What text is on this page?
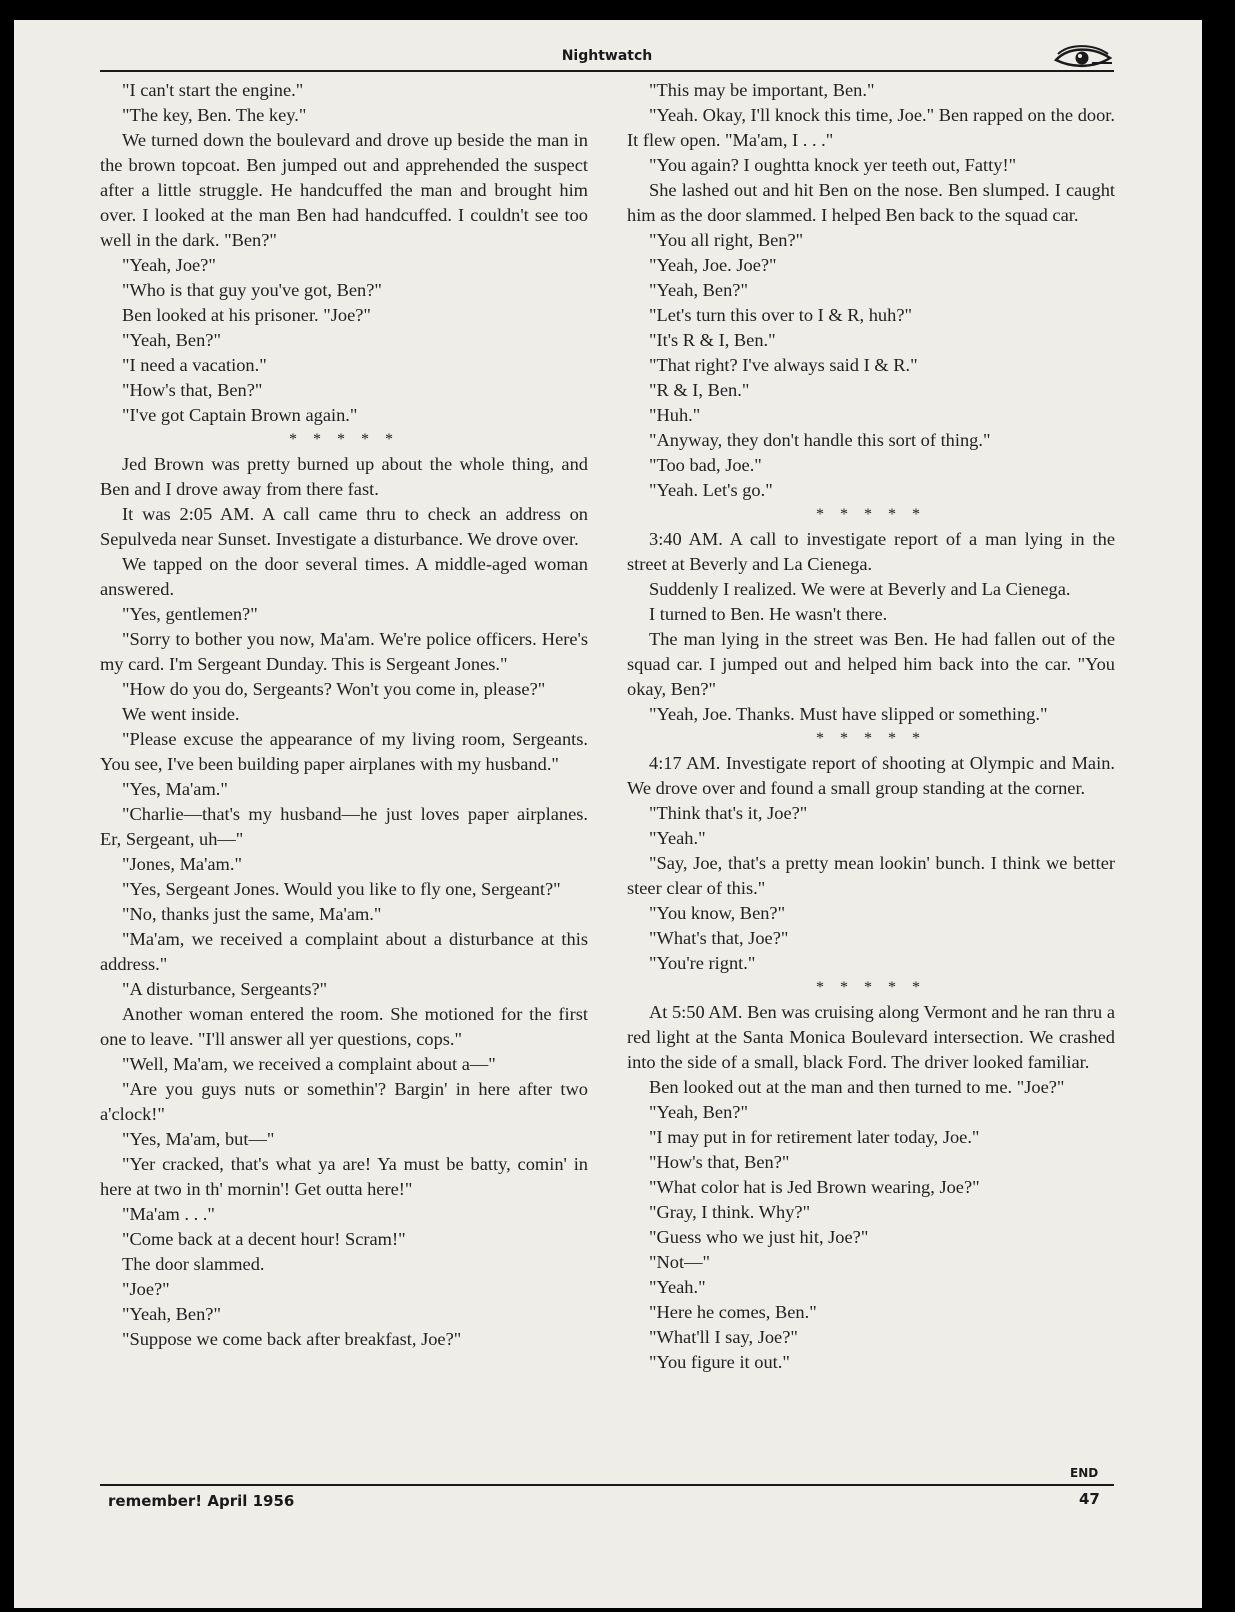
Nightwatch

"I can't start the engine."

"The key, Ben. The key."

We turned down the boulevard and drove up beside the man in the brown topcoat. Ben jumped out and apprehended the suspect after a little struggle. He handcuffed the man and brought him over. I looked at the man Ben had handcuffed. I couldn't see too well in the dark. "Ben?"

"Yeah, Joe?"

"Who is that guy you've got, Ben?"

Ben looked at his prisoner. "Joe?"

"Yeah, Ben?"

"I need a vacation."

"How's that, Ben?"

"I've got Captain Brown again."

* * * * *

Jed Brown was pretty burned up about the whole thing, and Ben and I drove away from there fast.

It was 2:05 AM. A call came thru to check an address on Sepulveda near Sunset. Investigate a disturbance. We drove over.

We tapped on the door several times. A middle-aged woman answered.

"Yes, gentlemen?"

"Sorry to bother you now, Ma'am. We're police officers. Here's my card. I'm Sergeant Dunday. This is Sergeant Jones."

"How do you do, Sergeants? Won't you come in, please?"

We went inside.

"Please excuse the appearance of my living room, Sergeants. You see, I've been building paper airplanes with my husband."

"Yes, Ma'am."

"Charlie—that's my husband—he just loves paper airplanes. Er, Sergeant, uh—"

"Jones, Ma'am."

"Yes, Sergeant Jones. Would you like to fly one, Sergeant?"

"No, thanks just the same, Ma'am."

"Ma'am, we received a complaint about a disturbance at this address."

"A disturbance, Sergeants?"

Another woman entered the room. She motioned for the first one to leave. "I'll answer all yer questions, cops."

"Well, Ma'am, we received a complaint about a—"

"Are you guys nuts or somethin'? Bargin' in here after two a'clock!"

"Yes, Ma'am, but—"

"Yer cracked, that's what ya are! Ya must be batty, comin' in here at two in th' mornin'! Get outta here!"

"Ma'am . . ."

"Come back at a decent hour! Scram!"

The door slammed.

"Joe?"

"Yeah, Ben?"

"Suppose we come back after breakfast, Joe?"

"This may be important, Ben."

"Yeah. Okay, I'll knock this time, Joe." Ben rapped on the door. It flew open. "Ma'am, I . . ."

"You again? I oughtta knock yer teeth out, Fatty!"

She lashed out and hit Ben on the nose. Ben slumped. I caught him as the door slammed. I helped Ben back to the squad car.

"You all right, Ben?"

"Yeah, Joe. Joe?"

"Yeah, Ben?"

"Let's turn this over to I & R, huh?"

"It's R & I, Ben."

"That right? I've always said I & R."

"R & I, Ben."

"Huh."

"Anyway, they don't handle this sort of thing."

"Too bad, Joe."

"Yeah. Let's go."

* * * * *

3:40 AM. A call to investigate report of a man lying in the street at Beverly and La Cienega.

Suddenly I realized. We were at Beverly and La Cienega.

I turned to Ben. He wasn't there.

The man lying in the street was Ben. He had fallen out of the squad car. I jumped out and helped him back into the car. "You okay, Ben?"

"Yeah, Joe. Thanks. Must have slipped or something."

* * * * *

4:17 AM. Investigate report of shooting at Olympic and Main. We drove over and found a small group standing at the corner.

"Think that's it, Joe?"

"Yeah."

"Say, Joe, that's a pretty mean lookin' bunch. I think we better steer clear of this."

"You know, Ben?"

"What's that, Joe?"

"You're rignt."

* * * * *

At 5:50 AM. Ben was cruising along Vermont and he ran thru a red light at the Santa Monica Boulevard intersection. We crashed into the side of a small, black Ford. The driver looked familiar.

Ben looked out at the man and then turned to me. "Joe?"

"Yeah, Ben?"

"I may put in for retirement later today, Joe."

"How's that, Ben?"

"What color hat is Jed Brown wearing, Joe?"

"Gray, I think. Why?"

"Guess who we just hit, Joe?"

"Not—"

"Yeah."

"Here he comes, Ben."

"What'll I say, Joe?"

"You figure it out."

END
remember! April 1956	47
